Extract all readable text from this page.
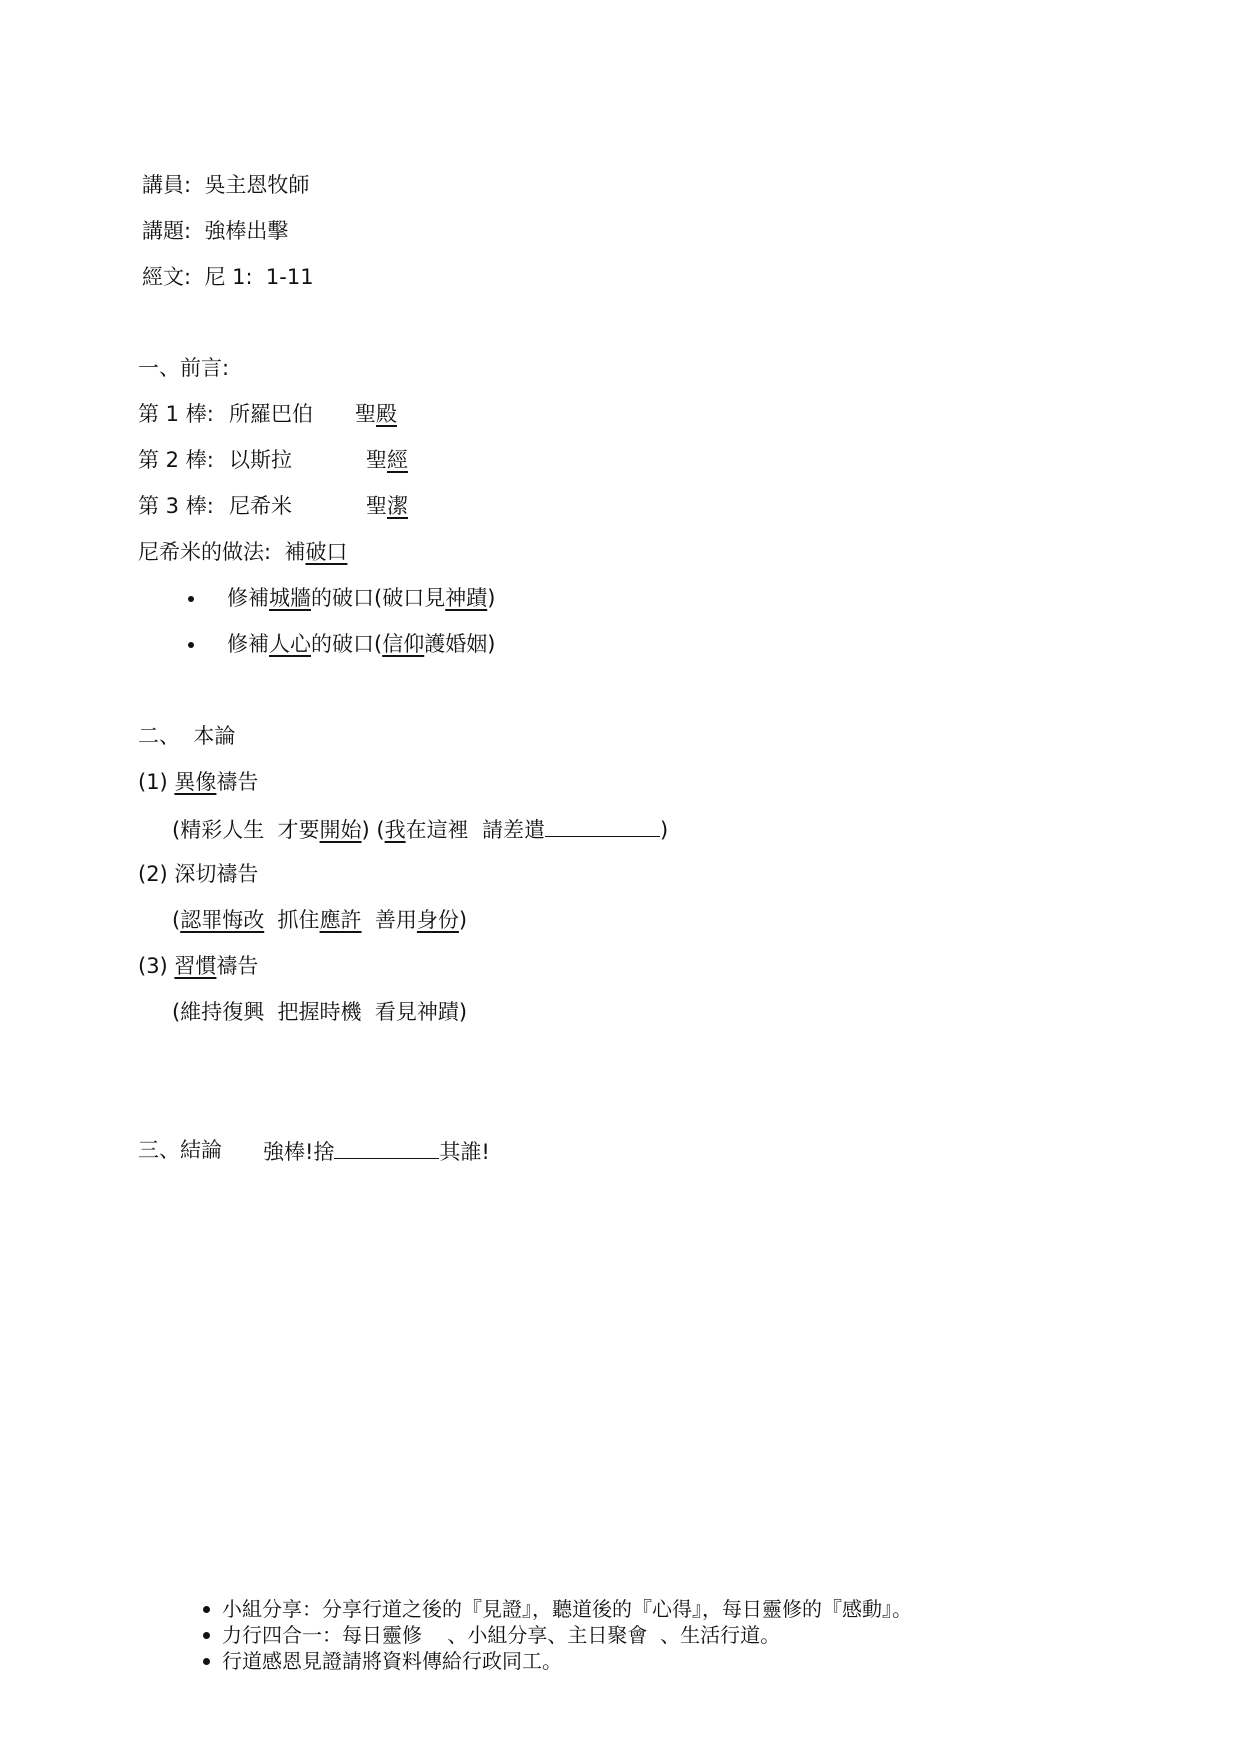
講員: 吳主恩牧師
講題: 強棒出擊
經文: 尼 1:  1-11
一、前言:
第 1 棒: 所羅巴伯 聖殿
第 2 棒: 以斯拉	聖經
第 3 棒: 尼希米	聖潔
尼希米的做法: 補破口
修補城牆的破口(破口見神蹟)
修補人心的破口(信仰護婚姻)
二、  本論
(1) 異像禱告
(精彩人生  才要開始) (我在這裡  請差遣	)
(2) 深切禱告
(認罪悔改  抓住應許  善用身份)
(3) 習慣禱告
(維持復興  把握時機  看見神蹟)
三、結論 強棒!捨	其誰!
小組分享：分享行道之後的『見證』，聽道後的『心得』，每日靈修的『感動』。
力行四合一：每日靈修    、小組分享、主日聚會  、生活行道。
行道感恩見證請將資料傳給行政同工。
